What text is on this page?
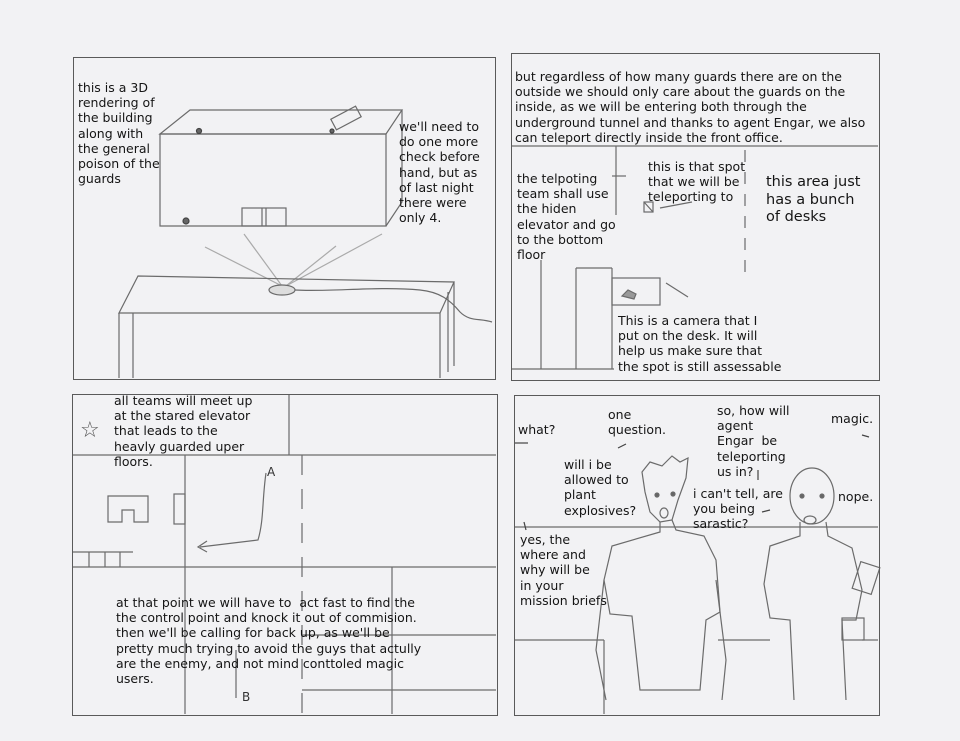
this is a 3D
rendering of
the building
along with
the general
poison of the
guards
we'll need to
do one more
check before
hand, but as
of last night
there were
only 4.
but regardless of how many guards there are on the
outside we should only care about the guards on the
inside, as we will be entering both through the
underground tunnel and thanks to agent Engar, we also
can teleport directly inside the front office.
the telpoting
team shall use
the hiden
elevator and go
to the bottom
floor
this is that spot
that we will be
teleporting to
this area just
has a bunch
of desks
This is a camera that I
put on the desk. It will
help us make sure that
the spot is still assessable
☆
all teams will meet up
at the stared elevator
that leads to the
heavly guarded uper
floors.
A
B
at that point we will have to  act fast to find the
the control point and knock it out of commision.
then we'll be calling for back up, as we'll be
pretty much trying to avoid the guys that actully
are the enemy, and not mind conttoled magic
users.
what?
one
question.
so, how will
agent
Engar  be
teleporting
us in?
magic.
will i be
allowed to
plant
explosives?
i can't tell, are
you being
sarastic?
nope.
yes, the
where and
why will be
in your
mission briefs
